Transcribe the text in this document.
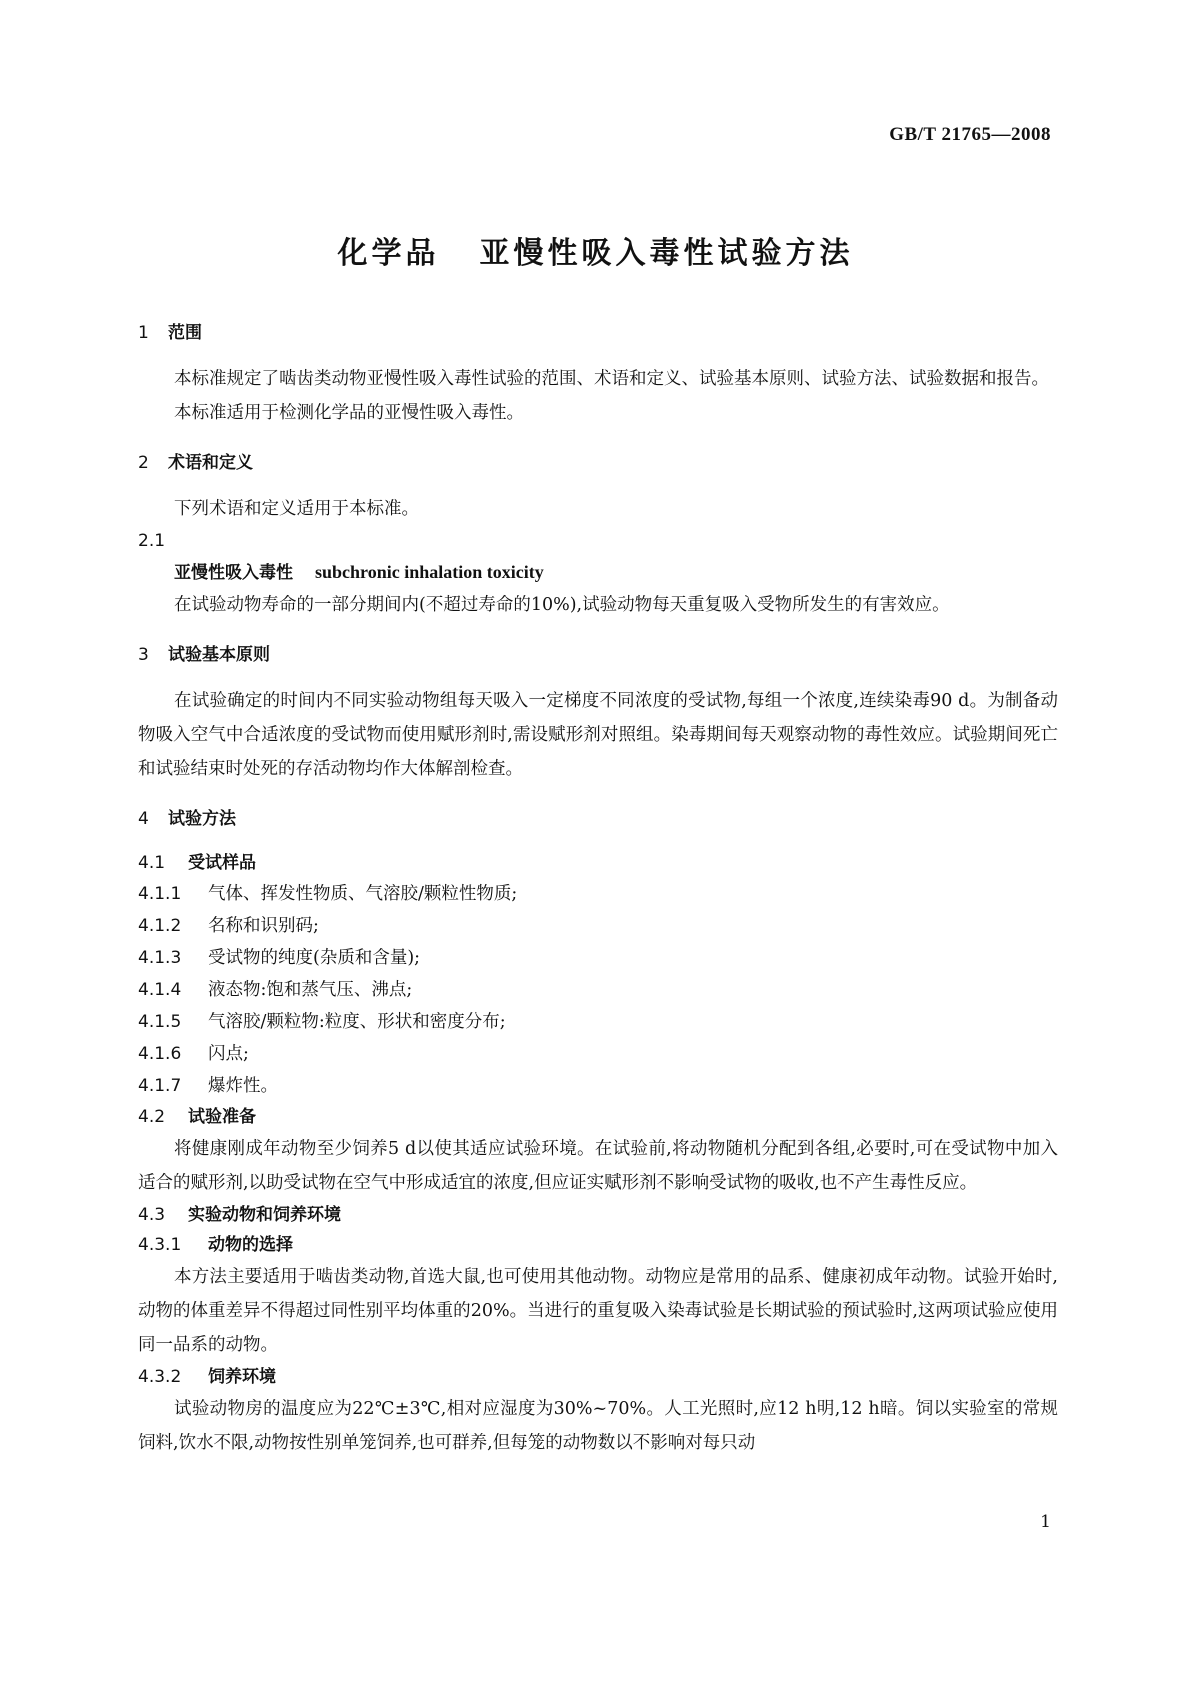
GB/T 21765—2008
化学品 亚慢性吸入毒性试验方法
1 范围

本标准规定了啮齿类动物亚慢性吸入毒性试验的范围、术语和定义、试验基本原则、试验方法、试验数据和报告。

本标准适用于检测化学品的亚慢性吸入毒性。

2 术语和定义

下列术语和定义适用于本标准。

2.1
亚慢性吸入毒性 subchronic inhalation toxicity

在试验动物寿命的一部分期间内(不超过寿命的10%),试验动物每天重复吸入受物所发生的有害效应。

3 试验基本原则

在试验确定的时间内不同实验动物组每天吸入一定梯度不同浓度的受试物,每组一个浓度,连续染毒90 d。为制备动物吸入空气中合适浓度的受试物而使用赋形剂时,需设赋形剂对照组。染毒期间每天观察动物的毒性效应。试验期间死亡和试验结束时处死的存活动物均作大体解剖检查。

4 试验方法
4.1 受试样品
4.1.1 气体、挥发性物质、气溶胶/颗粒性物质;
4.1.2 名称和识别码;
4.1.3 受试物的纯度(杂质和含量);
4.1.4 液态物:饱和蒸气压、沸点;
4.1.5 气溶胶/颗粒物:粒度、形状和密度分布;
4.1.6 闪点;
4.1.7 爆炸性。
4.2 试验准备

将健康刚成年动物至少饲养5 d以使其适应试验环境。在试验前,将动物随机分配到各组,必要时,可在受试物中加入适合的赋形剂,以助受试物在空气中形成适宜的浓度,但应证实赋形剂不影响受试物的吸收,也不产生毒性反应。

4.3 实验动物和饲养环境
4.3.1 动物的选择

本方法主要适用于啮齿类动物,首选大鼠,也可使用其他动物。动物应是常用的品系、健康初成年动物。试验开始时,动物的体重差异不得超过同性别平均体重的20%。当进行的重复吸入染毒试验是长期试验的预试验时,这两项试验应使用同一品系的动物。

4.3.2 饲养环境

试验动物房的温度应为22℃±3℃,相对应湿度为30%~70%。人工光照时,应12 h明,12 h暗。饲以实验室的常规饲料,饮水不限,动物按性别单笼饲养,也可群养,但每笼的动物数以不影响对每只动

1
